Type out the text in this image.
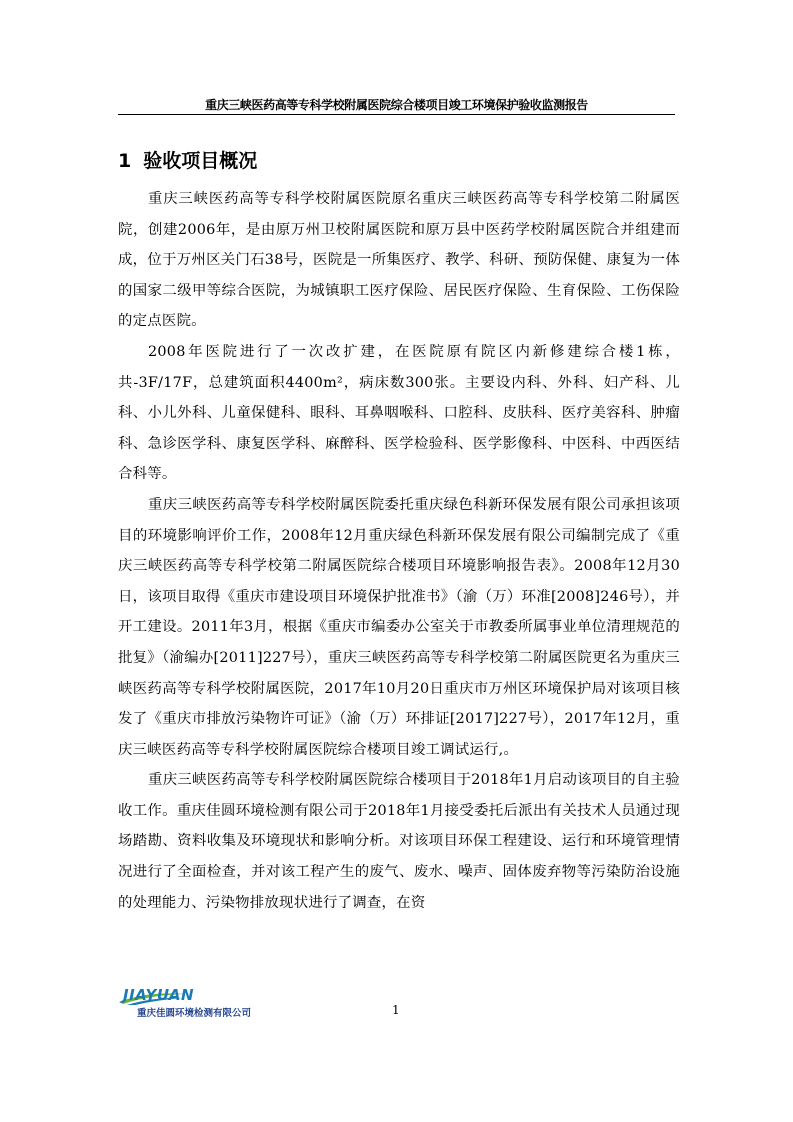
重庆三峡医药高等专科学校附属医院综合楼项目竣工环境保护验收监测报告
1 验收项目概况

重庆三峡医药高等专科学校附属医院原名重庆三峡医药高等专科学校第二附属医院，创建2006年，是由原万州卫校附属医院和原万县中医药学校附属医院合并组建而成，位于万州区关门石38号，医院是一所集医疗、教学、科研、预防保健、康复为一体的国家二级甲等综合医院，为城镇职工医疗保险、居民医疗保险、生育保险、工伤保险的定点医院。

2008年医院进行了一次改扩建，在医院原有院区内新修建综合楼1栋，共-3F/17F，总建筑面积4400m²，病床数300张。主要设内科、外科、妇产科、儿科、小儿外科、儿童保健科、眼科、耳鼻咽喉科、口腔科、皮肤科、医疗美容科、肿瘤科、急诊医学科、康复医学科、麻醉科、医学检验科、医学影像科、中医科、中西医结合科等。

重庆三峡医药高等专科学校附属医院委托重庆绿色科新环保发展有限公司承担该项目的环境影响评价工作，2008年12月重庆绿色科新环保发展有限公司编制完成了《重庆三峡医药高等专科学校第二附属医院综合楼项目环境影响报告表》。2008年12月30日，该项目取得《重庆市建设项目环境保护批准书》（渝（万）环准[2008]246号），并开工建设。2011年3月，根据《重庆市编委办公室关于市教委所属事业单位清理规范的批复》（渝编办[2011]227号），重庆三峡医药高等专科学校第二附属医院更名为重庆三峡医药高等专科学校附属医院，2017年10月20日重庆市万州区环境保护局对该项目核发了《重庆市排放污染物许可证》（渝（万）环排证[2017]227号），2017年12月，重庆三峡医药高等专科学校附属医院综合楼项目竣工调试运行,。

重庆三峡医药高等专科学校附属医院综合楼项目于2018年1月启动该项目的自主验收工作。重庆佳圆环境检测有限公司于2018年1月接受委托后派出有关技术人员通过现场踏勘、资料收集及环境现状和影响分析。对该项目环保工程建设、运行和环境管理情况进行了全面检查，并对该工程产生的废气、废水、噪声、固体废弃物等污染防治设施的处理能力、污染物排放现状进行了调查，在资

JIAYUAN
重庆佳圆环境检测有限公司	1
